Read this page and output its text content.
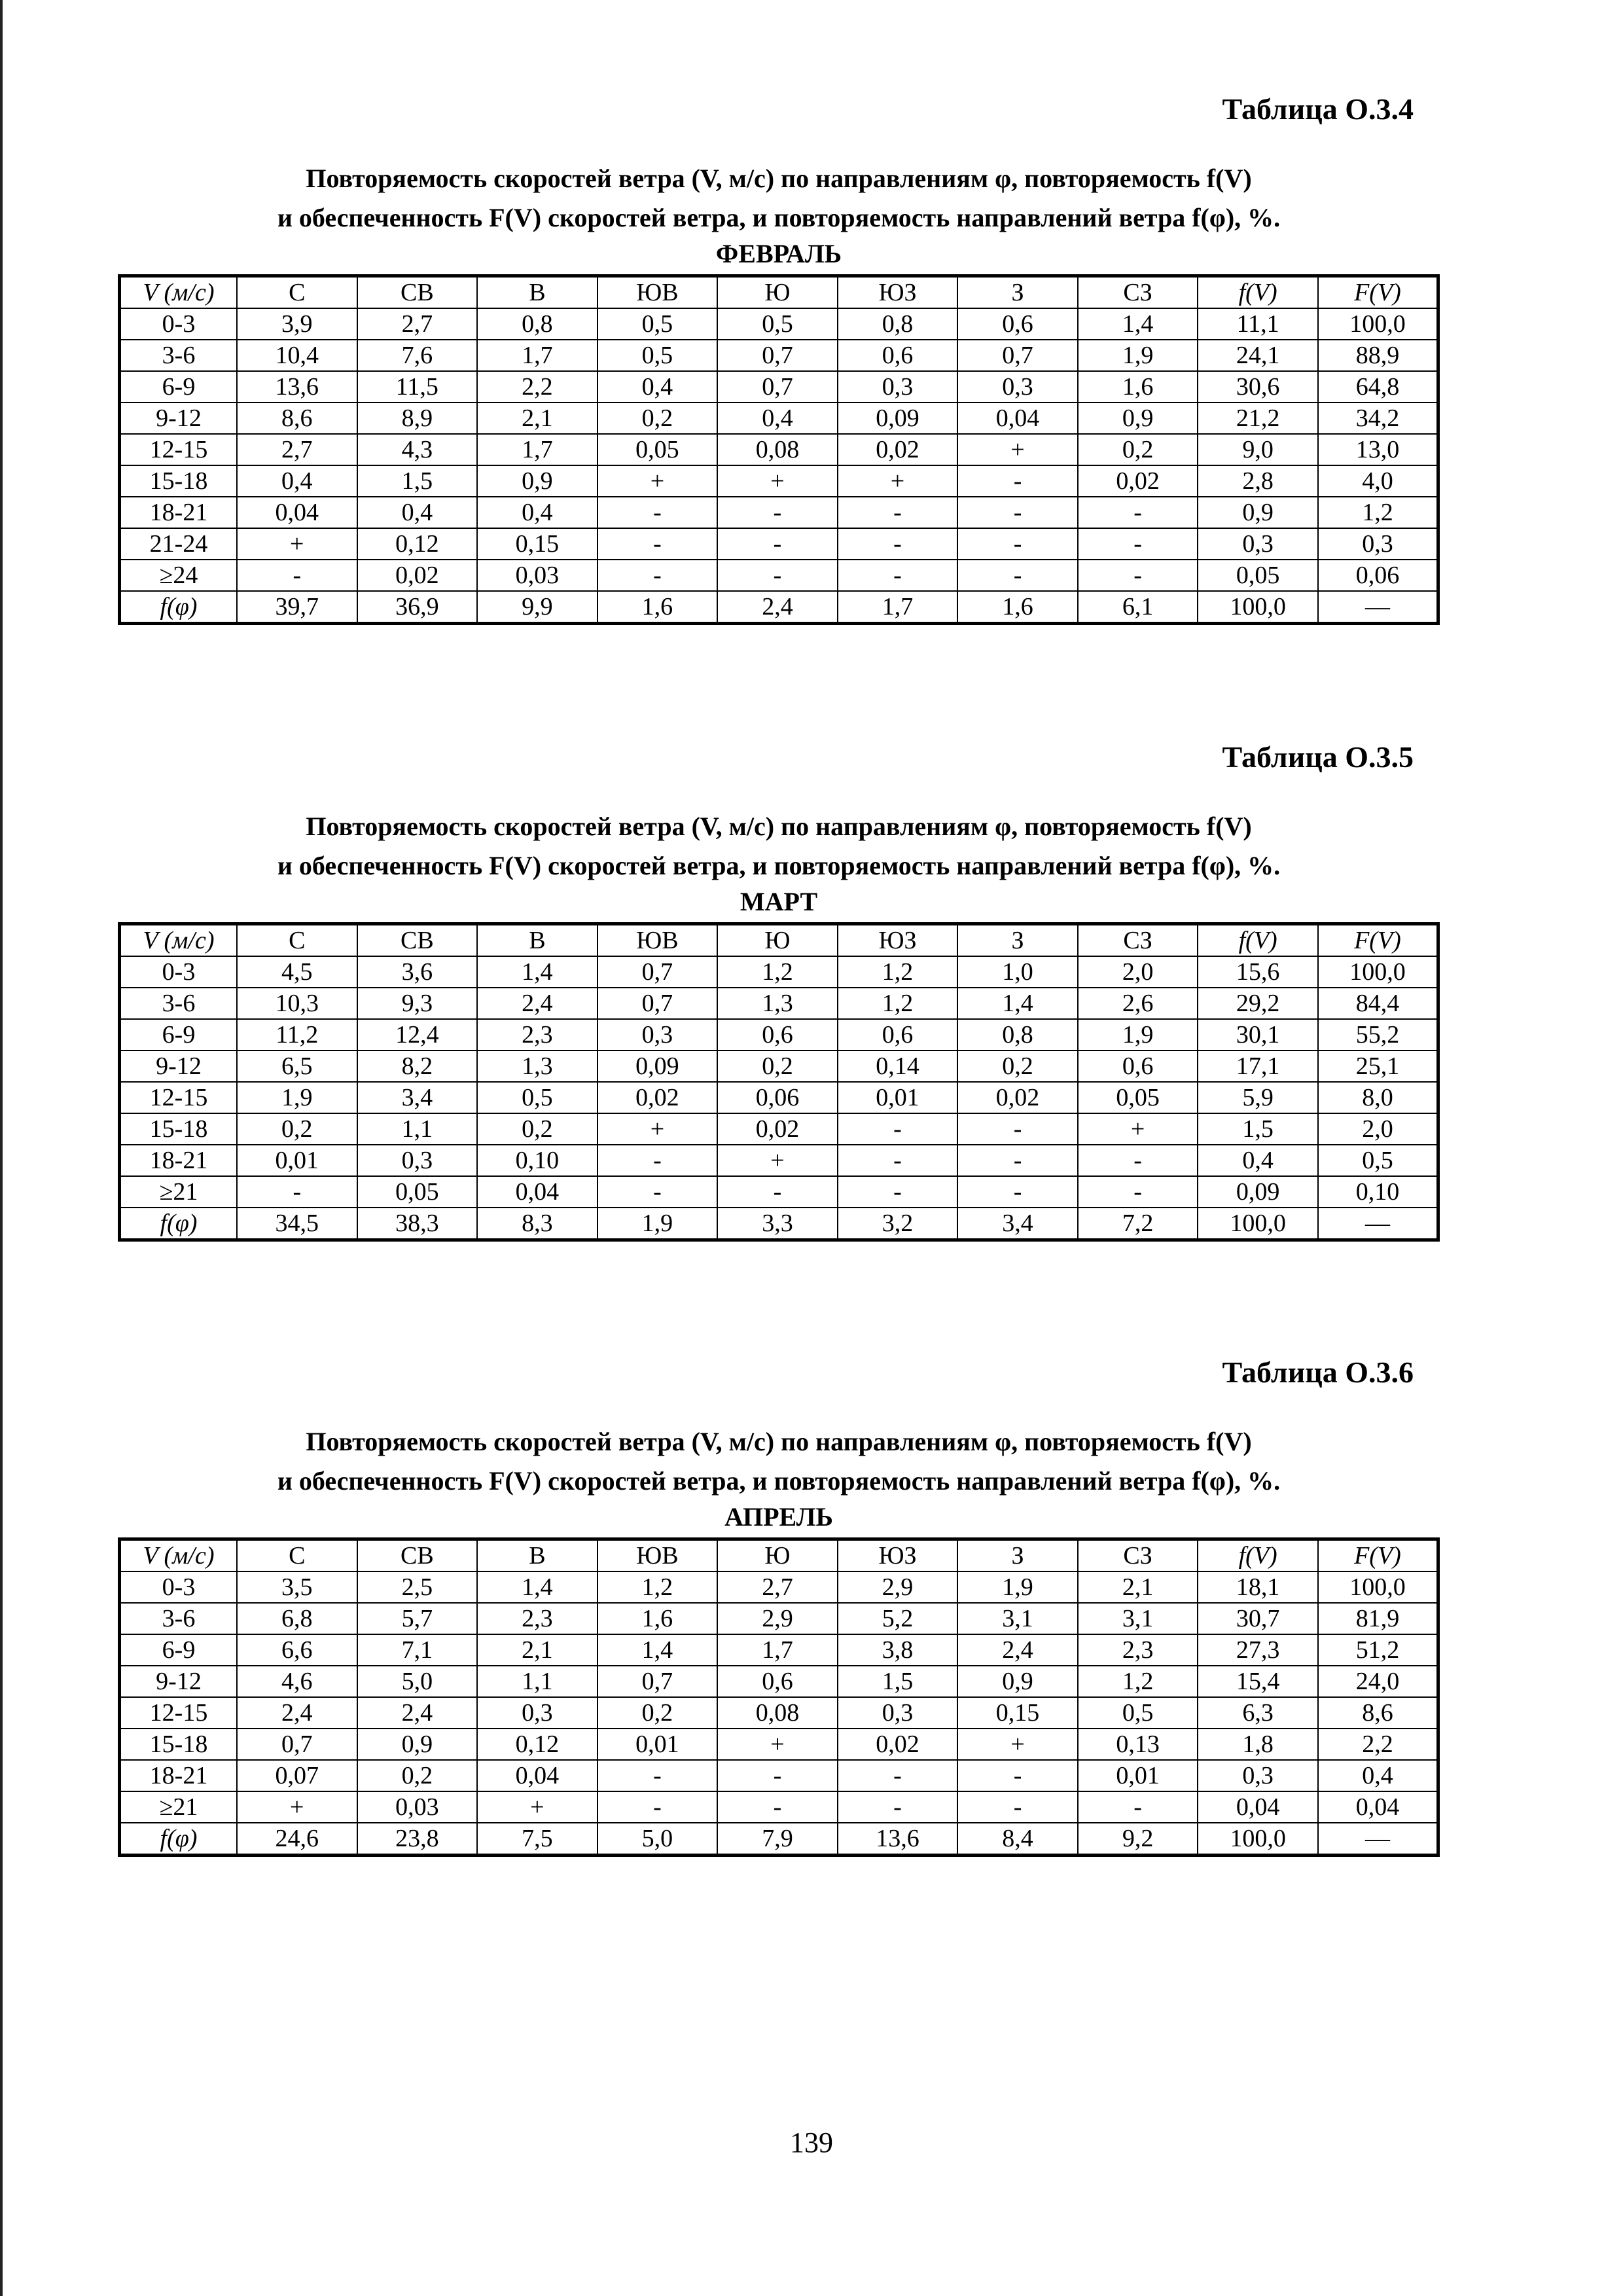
Таблица О.3.4

Повторяемость скоростей ветра (V, м/с) по направлениям φ, повторяемость f(V)

и обеспеченность F(V) скоростей ветра, и повторяемость направлений ветра f(φ), %.

ФЕВРАЛЬ

V (м/с)	С	СВ	В	ЮВ	Ю	ЮЗ	З	СЗ	f(V)	F(V)
0-3	3,9	2,7	0,8	0,5	0,5	0,8	0,6	1,4	11,1	100,0
3-6	10,4	7,6	1,7	0,5	0,7	0,6	0,7	1,9	24,1	88,9
6-9	13,6	11,5	2,2	0,4	0,7	0,3	0,3	1,6	30,6	64,8
9-12	8,6	8,9	2,1	0,2	0,4	0,09	0,04	0,9	21,2	34,2
12-15	2,7	4,3	1,7	0,05	0,08	0,02	+	0,2	9,0	13,0
15-18	0,4	1,5	0,9	+	+	+	-	0,02	2,8	4,0
18-21	0,04	0,4	0,4	-	-	-	-	-	0,9	1,2
21-24	+	0,12	0,15	-	-	-	-	-	0,3	0,3
≥24	-	0,02	0,03	-	-	-	-	-	0,05	0,06
f(φ)	39,7	36,9	9,9	1,6	2,4	1,7	1,6	6,1	100,0	—

Таблица О.3.5

Повторяемость скоростей ветра (V, м/с) по направлениям φ, повторяемость f(V)

и обеспеченность F(V) скоростей ветра, и повторяемость направлений ветра f(φ), %.

МАРТ

V (м/с)	С	СВ	В	ЮВ	Ю	ЮЗ	З	СЗ	f(V)	F(V)
0-3	4,5	3,6	1,4	0,7	1,2	1,2	1,0	2,0	15,6	100,0
3-6	10,3	9,3	2,4	0,7	1,3	1,2	1,4	2,6	29,2	84,4
6-9	11,2	12,4	2,3	0,3	0,6	0,6	0,8	1,9	30,1	55,2
9-12	6,5	8,2	1,3	0,09	0,2	0,14	0,2	0,6	17,1	25,1
12-15	1,9	3,4	0,5	0,02	0,06	0,01	0,02	0,05	5,9	8,0
15-18	0,2	1,1	0,2	+	0,02	-	-	+	1,5	2,0
18-21	0,01	0,3	0,10	-	+	-	-	-	0,4	0,5
≥21	-	0,05	0,04	-	-	-	-	-	0,09	0,10
f(φ)	34,5	38,3	8,3	1,9	3,3	3,2	3,4	7,2	100,0	—

Таблица О.3.6

Повторяемость скоростей ветра (V, м/с) по направлениям φ, повторяемость f(V)

и обеспеченность F(V) скоростей ветра, и повторяемость направлений ветра f(φ), %.

АПРЕЛЬ

V (м/с)	С	СВ	В	ЮВ	Ю	ЮЗ	З	СЗ	f(V)	F(V)
0-3	3,5	2,5	1,4	1,2	2,7	2,9	1,9	2,1	18,1	100,0
3-6	6,8	5,7	2,3	1,6	2,9	5,2	3,1	3,1	30,7	81,9
6-9	6,6	7,1	2,1	1,4	1,7	3,8	2,4	2,3	27,3	51,2
9-12	4,6	5,0	1,1	0,7	0,6	1,5	0,9	1,2	15,4	24,0
12-15	2,4	2,4	0,3	0,2	0,08	0,3	0,15	0,5	6,3	8,6
15-18	0,7	0,9	0,12	0,01	+	0,02	+	0,13	1,8	2,2
18-21	0,07	0,2	0,04	-	-	-	-	0,01	0,3	0,4
≥21	+	0,03	+	-	-	-	-	-	0,04	0,04
f(φ)	24,6	23,8	7,5	5,0	7,9	13,6	8,4	9,2	100,0	—
139
